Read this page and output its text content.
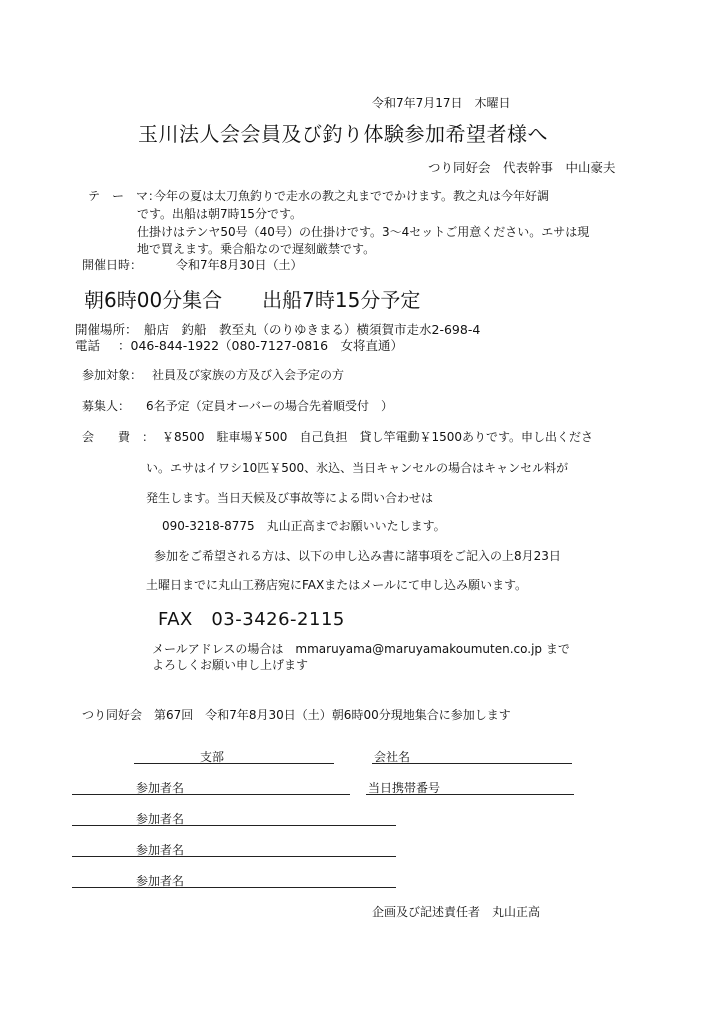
令和7年7月17日　木曜日
玉川法人会会員及び釣り体験参加希望者様へ
つり同好会　代表幹事　中山豪夫
テ　ー　マ：
今年の夏は太刀魚釣りで走水の教之丸まででかけます。教之丸は今年好調
です。出船は朝7時15分です。
仕掛けはテンヤ50号（40号）の仕掛けです。3～4セットご用意ください。エサは現
地で買えます。乗合船なので遅刻厳禁です。
開催日時：	令和7年8月30日（土）
朝6時00分集合　　出船7時15分予定
開催場所： 船店　釣船　教至丸（のりゆきまる）横須賀市走水2-698-4
電話 ：046-844-1922（080-7127-0816　女将直通）
参加対象： 社員及び家族の方及び入会予定の方
募集人： 6名予定（定員オーバーの場合先着順受付　）
会　　費　： ￥8500　駐車場￥500　自己負担　貸し竿電動￥1500ありです。申し出くださ
い。エサはイワシ10匹￥500、氷込、当日キャンセルの場合はキャンセル料が
発生します。当日天候及び事故等による問い合わせは
090-3218-8775　丸山正高までお願いいたします。
参加をご希望される方は、以下の申し込み書に諸事項をご記入の上8月23日
土曜日までに丸山工務店宛にFAXまたはメールにて申し込み願います。
FAX　03-3426-2115
メールアドレスの場合は　mmaruyama@maruyamakoumuten.co.jp まで
よろしくお願い申し上げます
つり同好会　第67回　令和7年8月30日（土）朝6時00分現地集合に参加します
支部	会社名
参加者名	当日携帯番号
参加者名
参加者名
参加者名
企画及び記述責任者　丸山正高
